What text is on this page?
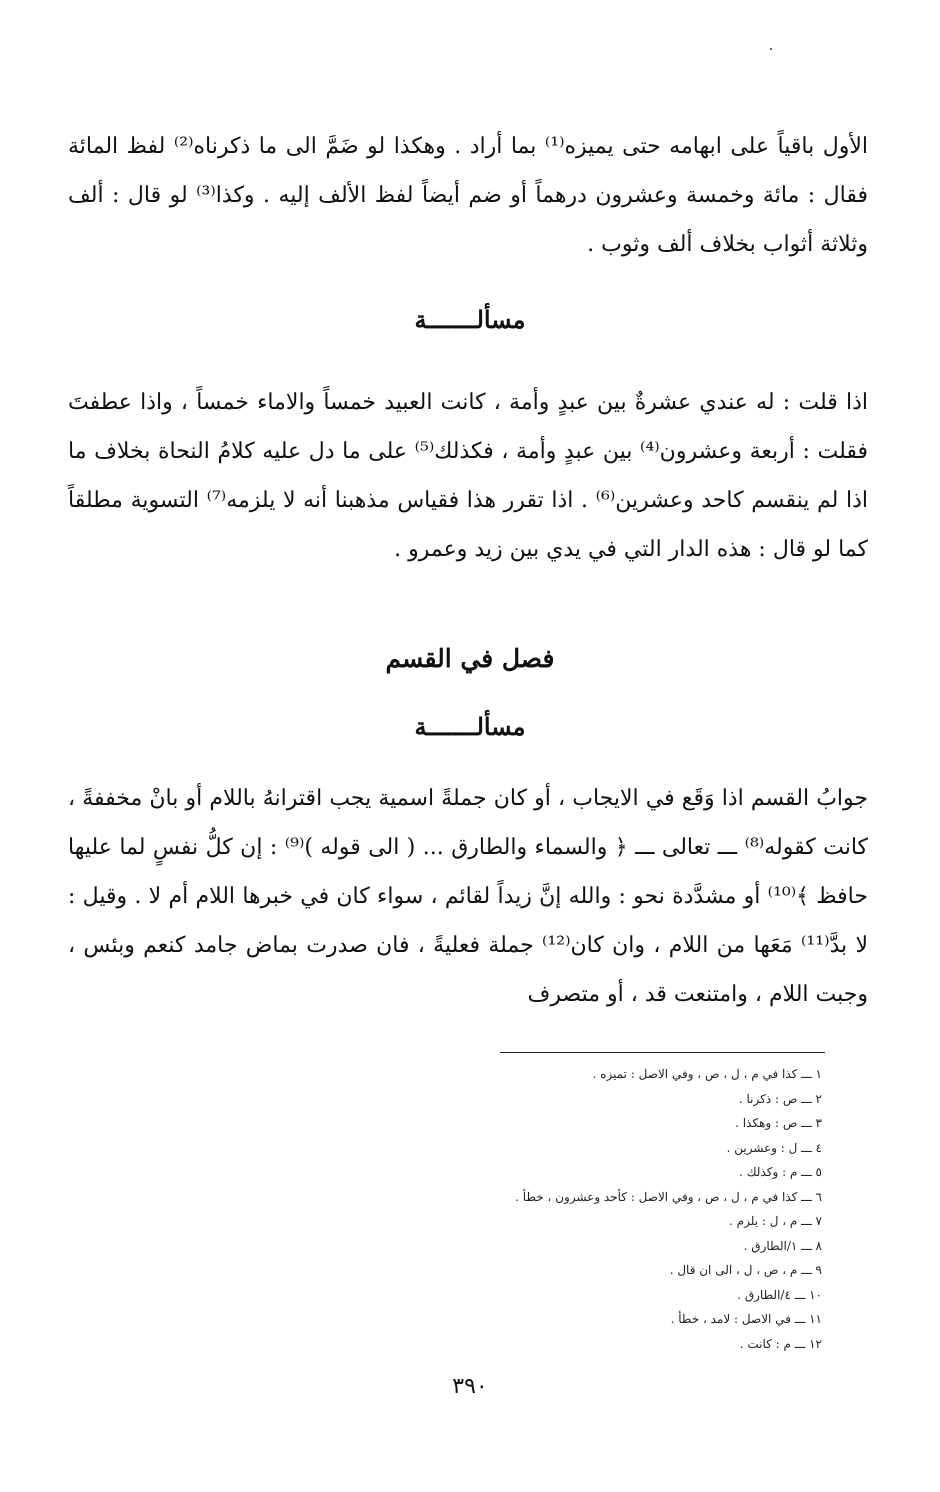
الأول باقياً على ابهامه حتى يميزه⁽¹⁾ بما أراد . وهكذا لو ضَمَّ الى ما ذكرناه⁽²⁾ لفظ المائة فقال : مائة وخمسة وعشرون درهماً أو ضم أيضاً لفظ الألف إليه . وكذا⁽³⁾ لو قال : ألف وثلاثة أثواب بخلاف ألف وثوب .

مسألـــــــة

اذا قلت : له عندي عشرةٌ بين عبدٍ وأمة ، كانت العبيد خمساً والاماء خمساً ، واذا عطفتَ فقلت : أربعة وعشرون⁽⁴⁾ بين عبدٍ وأمة ، فكذلك⁽⁵⁾ على ما دل عليه كلامُ النحاة بخلاف ما اذا لم ينقسم كاحد وعشرين⁽⁶⁾ . اذا تقرر هذا فقياس مذهبنا أنه لا يلزمه⁽⁷⁾ التسوية مطلقاً كما لو قال : هذه الدار التي في يدي بين زيد وعمرو .

فصل في القسم
مسألـــــــة

جوابُ القسم اذا وَقَع في الايجاب ، أو كان جملةً اسمية يجب اقترانهُ باللام أو بانْ مخففةً ، كانت كقوله⁽⁸⁾ ـــ تعالى ـــ ﴿ والسماء والطارق ... ( الى قوله )⁽⁹⁾ : إن كلُّ نفسٍ لما عليها حافظ ﴾⁽¹⁰⁾ أو مشدَّدة نحو : والله إنَّ زيداً لقائم ، سواء كان في خبرها اللام أم لا . وقيل : لا بدَّ⁽¹¹⁾ مَعَها من اللام ، وان كان⁽¹²⁾ جملة فعليةً ، فان صدرت بماض جامد كنعم وبئس ، وجبت اللام ، وامتنعت قد ، أو متصرف

١ ـــ كذا في م ، ل ، ص ، وفي الاصل : تميزه .
٢ ـــ ص : ذكرنا .
٣ ـــ ص : وهكذا .
٤ ـــ ل : وعشرين .
٥ ـــ م : وكذلك .
٦ ـــ كذا في م ، ل ، ص ، وفي الاصل : كأحد وعشرون ، خطأ .
٧ ـــ م ، ل : يلزم .
٨ ـــ ١/الطارق .
٩ ـــ م ، ص ، ل ، الى ان قال .
١٠ ـــ ٤/الطارق .
١١ ـــ في الاصل : لامد ، خطأ .
١٢ ـــ م : كانت .
٣٩٠
